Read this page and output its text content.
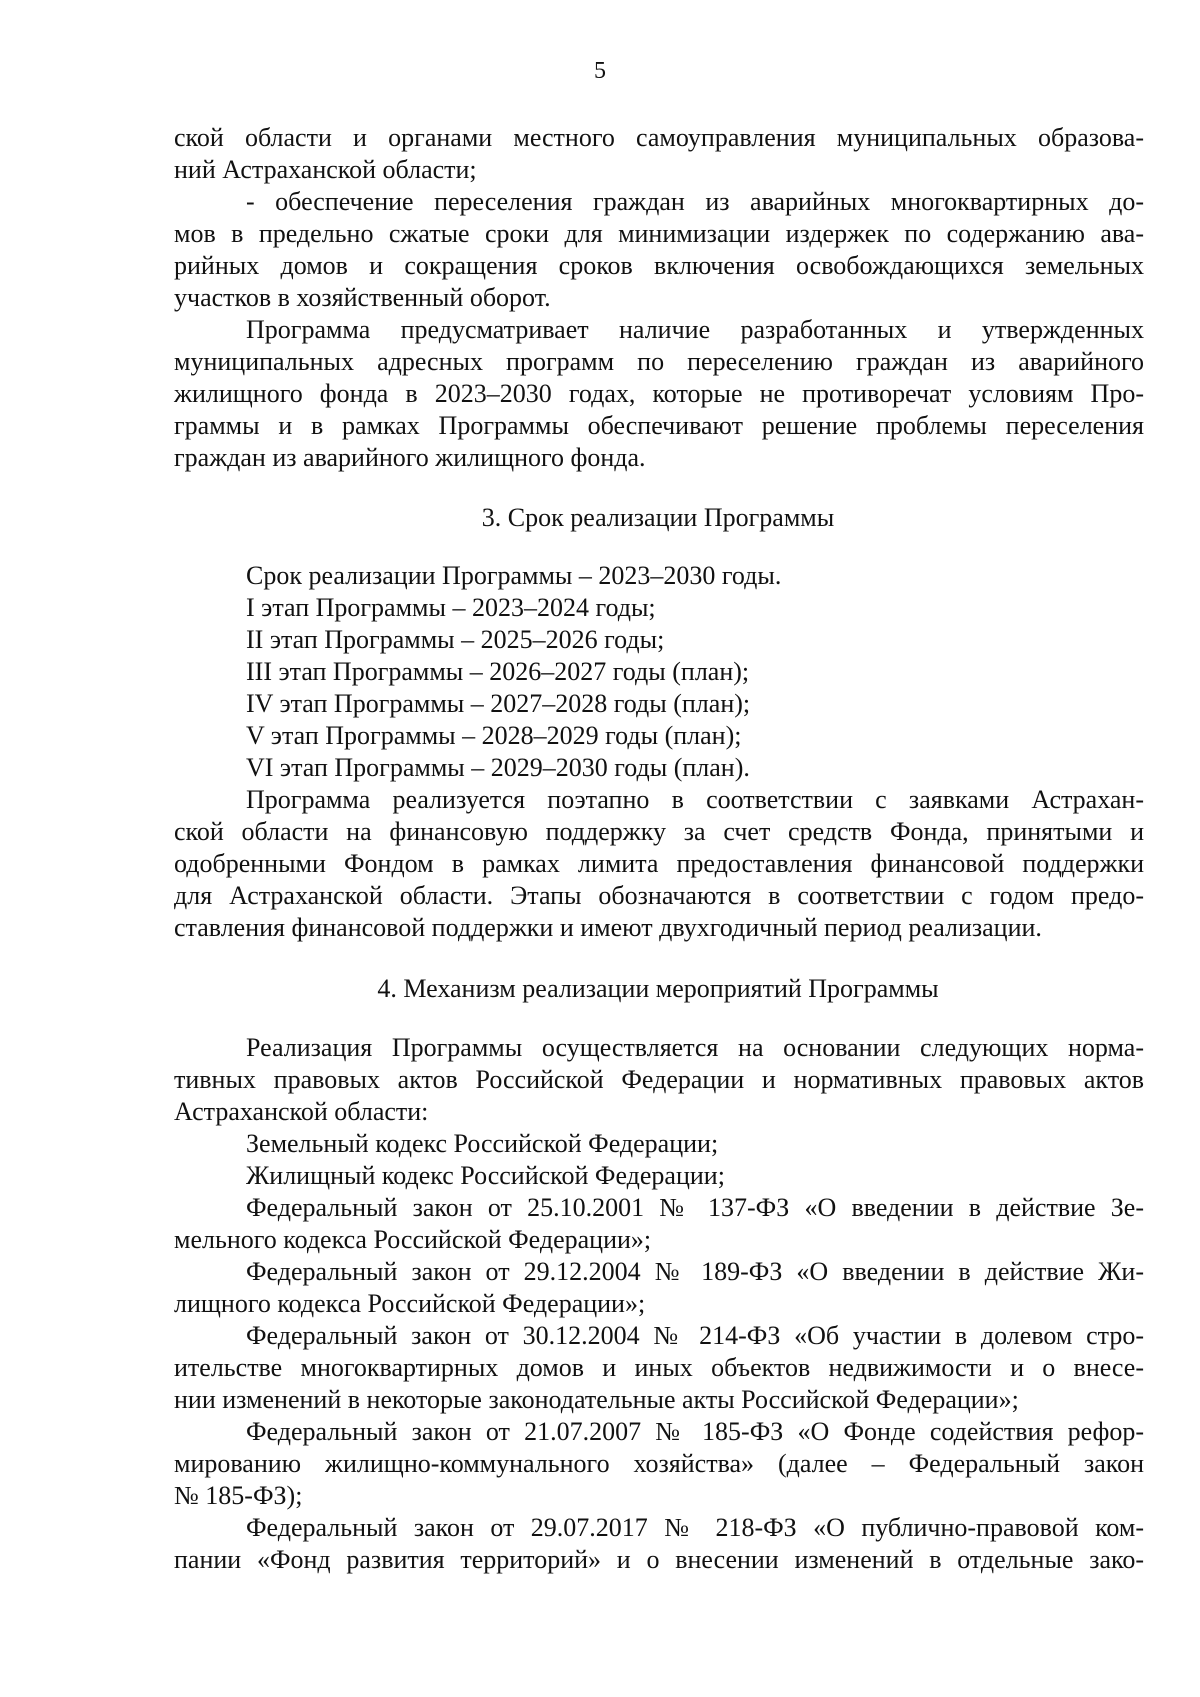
5
ской области и органами местного самоуправления муниципальных образова-
ний Астраханской области;
- обеспечение переселения граждан из аварийных многоквартирных до-
мов в предельно сжатые сроки для минимизации издержек по содержанию ава-
рийных домов и сокращения сроков включения освобождающихся земельных
участков в хозяйственный оборот.
Программа предусматривает наличие разработанных и утвержденных
муниципальных адресных программ по переселению граждан из аварийного
жилищного фонда в 2023–2030 годах, которые не противоречат условиям Про-
граммы и в рамках Программы обеспечивают решение проблемы переселения
граждан из аварийного жилищного фонда.
3. Срок реализации Программы
Срок реализации Программы – 2023–2030 годы.
I этап Программы – 2023–2024 годы;
II этап Программы – 2025–2026 годы;
III этап Программы – 2026–2027 годы (план);
IV этап Программы – 2027–2028 годы (план);
V этап Программы – 2028–2029 годы (план);
VI этап Программы – 2029–2030 годы (план).
Программа реализуется поэтапно в соответствии с заявками Астрахан-
ской области на финансовую поддержку за счет средств Фонда, принятыми и
одобренными Фондом в рамках лимита предоставления финансовой поддержки
для Астраханской области. Этапы обозначаются в соответствии с годом предо-
ставления финансовой поддержки и имеют двухгодичный период реализации.
4. Механизм реализации мероприятий Программы
Реализация Программы осуществляется на основании следующих норма-
тивных правовых актов Российской Федерации и нормативных правовых актов
Астраханской области:
Земельный кодекс Российской Федерации;
Жилищный кодекс Российской Федерации;
Федеральный закон от 25.10.2001 № 137-ФЗ «О введении в действие Зе-
мельного кодекса Российской Федерации»;
Федеральный закон от 29.12.2004 № 189-ФЗ «О введении в действие Жи-
лищного кодекса Российской Федерации»;
Федеральный закон от 30.12.2004 № 214-ФЗ «Об участии в долевом стро-
ительстве многоквартирных домов и иных объектов недвижимости и о внесе-
нии изменений в некоторые законодательные акты Российской Федерации»;
Федеральный закон от 21.07.2007 № 185-ФЗ «О Фонде содействия рефор-
мированию жилищно-коммунального хозяйства» (далее – Федеральный закон
№ 185-ФЗ);
Федеральный закон от 29.07.2017 № 218-ФЗ «О публично-правовой ком-
пании «Фонд развития территорий» и о внесении изменений в отдельные зако-
